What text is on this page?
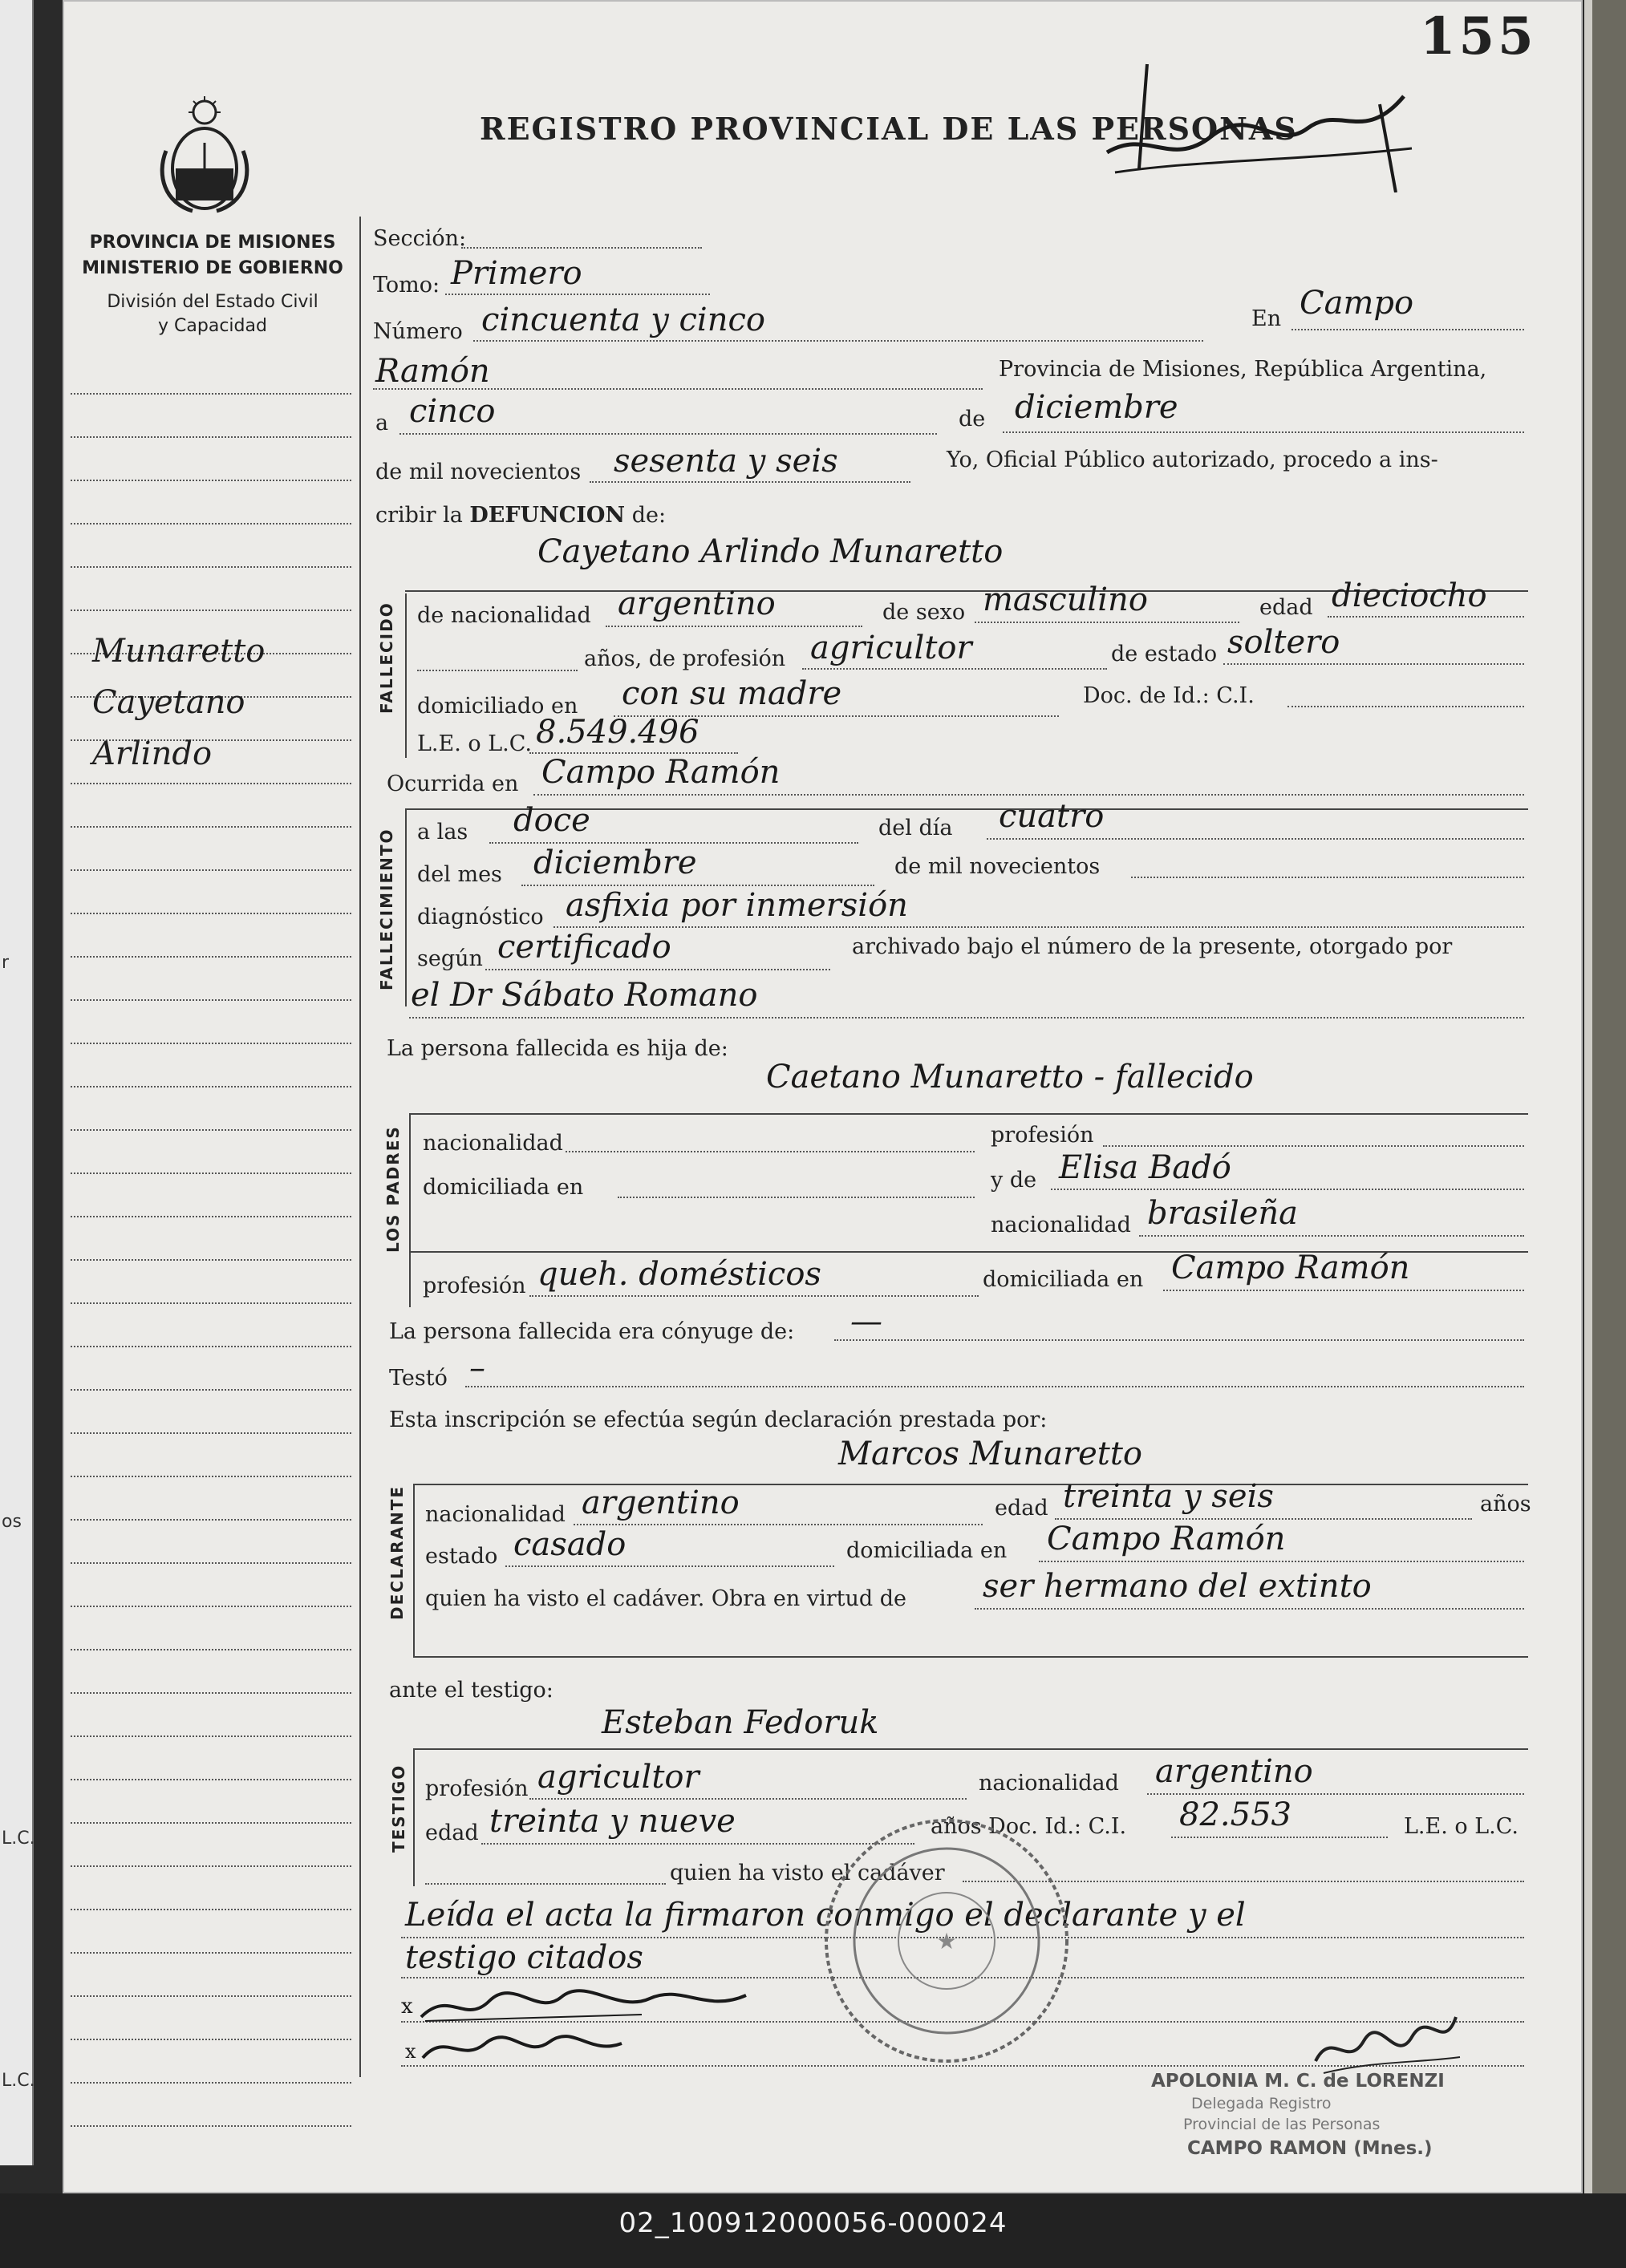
r
os
L.C.
L.C.
155
REGISTRO PROVINCIAL DE LAS PERSONAS
PROVINCIA DE MISIONES
MINISTERIO DE GOBIERNO
División del Estado Civil
y Capacidad
Munaretto
Cayetano
Arlindo
Sección:
Tomo: Primero
Número cincuenta y cinco	En Campo
Ramón	Provincia de Misiones, República Argentina,
a cinco	de diciembre
de mil novecientos sesenta y seis	Yo, Oficial Público autorizado, procedo a ins-
cribir la DEFUNCION de:
FALLECIDO
Cayetano Arlindo Munaretto
de nacionalidad argentino	de sexo masculino	edad dieciocho
años, de profesión agricultor	de estado soltero
domiciliado en con su madre	Doc. de Id.: C.I.
L.E. o L.C. 8.549.496
Ocurrida en Campo Ramón
FALLECIMIENTO a las doce	del día cuatro
del mes diciembre	de mil novecientos
diagnóstico asfixia por inmersión
según certificado	archivado bajo el número de la presente, otorgado por
el Dr Sábato Romano
La persona fallecida es hija de:
Caetano Munaretto - fallecido
LOS PADRES nacionalidad	profesión
domiciliada en	y de Elisa Badó
nacionalidad brasileña
profesión queh. domésticos	domiciliada en Campo Ramón
La persona fallecida era cónyuge de: —
Testó –
Esta inscripción se efectúa según declaración prestada por:
Marcos Munaretto
DECLARANTE nacionalidad argentino	edad treinta y seis	años
estado casado	domiciliada en Campo Ramón
quien ha visto el cadáver. Obra en virtud de ser hermano del extinto
ante el testigo:
Esteban Fedoruk
TESTIGO profesión agricultor	nacionalidad argentino
edad treinta y nueve	años Doc. Id.: C.I. 82.553	L.E. o L.C.
quien ha visto el cadáver
Leída el acta la firmaron conmigo el declarante y el
testigo citados
x
x
★
APOLONIA M. C. de LORENZI
Delegada Registro
Provincial de las Personas
CAMPO RAMON (Mnes.)
02_100912000056-000024
